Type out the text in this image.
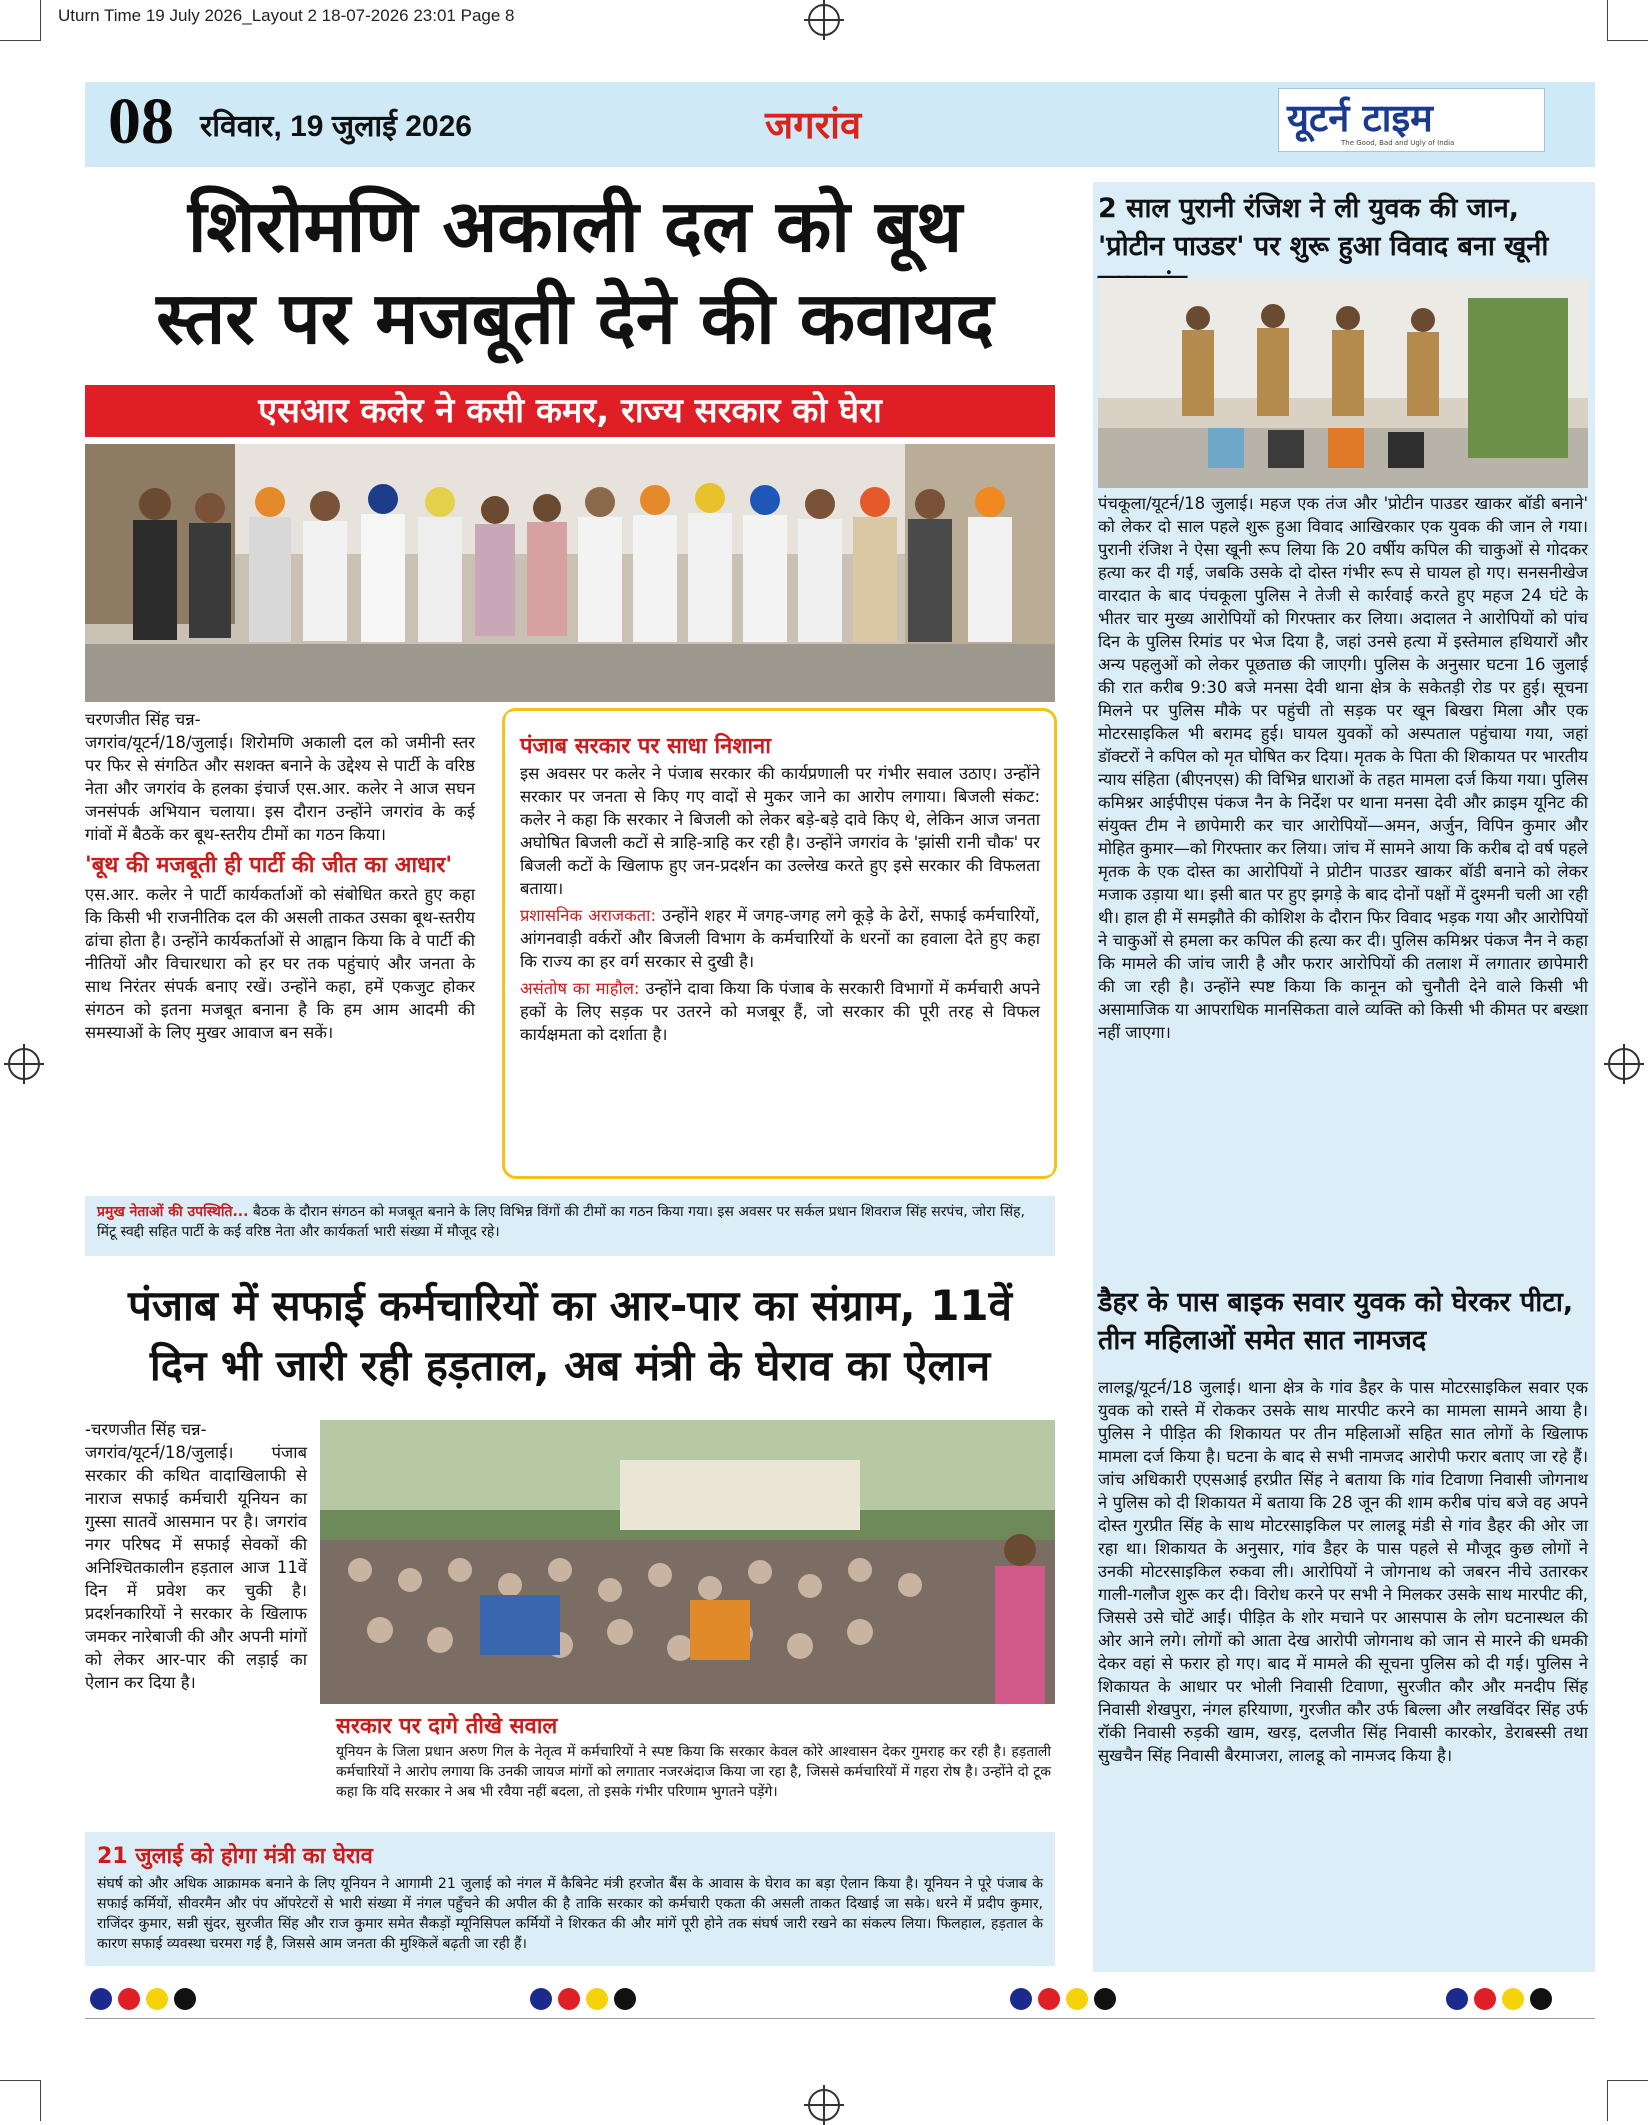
Uturn Time 19 July 2026_Layout 2 18-07-2026 23:01 Page 8
08 रविवार, 19 जुलाई 2026	जगरांव	यूटर्न टाइम
The Good, Bad and Ugly of India
शिरोमणि अकाली दल को बूथ
स्तर पर मजबूती देने की कवायद
एसआर कलेर ने कसी कमर, राज्य सरकार को घेरा
चरणजीत सिंह चन्न-
जगरांव/यूटर्न/18/जुलाई। शिरोमणि अकाली दल को जमीनी स्तर पर फिर से संगठित और सशक्त बनाने के उद्देश्य से पार्टी के वरिष्ठ नेता और जगरांव के हलका इंचार्ज एस.आर. कलेर ने आज सघन जनसंपर्क अभियान चलाया। इस दौरान उन्होंने जगरांव के कई गांवों में बैठकें कर बूथ-स्तरीय टीमों का गठन किया।
'बूथ की मजबूती ही पार्टी की जीत का आधार'
एस.आर. कलेर ने पार्टी कार्यकर्ताओं को संबोधित करते हुए कहा कि किसी भी राजनीतिक दल की असली ताकत उसका बूथ-स्तरीय ढांचा होता है। उन्होंने कार्यकर्ताओं से आह्वान किया कि वे पार्टी की नीतियों और विचारधारा को हर घर तक पहुंचाएं और जनता के साथ निरंतर संपर्क बनाए रखें। उन्होंने कहा, हमें एकजुट होकर संगठन को इतना मजबूत बनाना है कि हम आम आदमी की समस्याओं के लिए मुखर आवाज बन सकें।
पंजाब सरकार पर साधा निशाना
इस अवसर पर कलेर ने पंजाब सरकार की कार्यप्रणाली पर गंभीर सवाल उठाए। उन्होंने सरकार पर जनता से किए गए वादों से मुकर जाने का आरोप लगाया। बिजली संकट: कलेर ने कहा कि सरकार ने बिजली को लेकर बड़े-बड़े दावे किए थे, लेकिन आज जनता अघोषित बिजली कटों से त्राहि-त्राहि कर रही है। उन्होंने जगरांव के 'झांसी रानी चौक' पर बिजली कटों के खिलाफ हुए जन-प्रदर्शन का उल्लेख करते हुए इसे सरकार की विफलता बताया।
प्रशासनिक अराजकता: उन्होंने शहर में जगह-जगह लगे कूड़े के ढेरों, सफाई कर्मचारियों, आंगनवाड़ी वर्करों और बिजली विभाग के कर्मचारियों के धरनों का हवाला देते हुए कहा कि राज्य का हर वर्ग सरकार से दुखी है।
असंतोष का माहौल: उन्होंने दावा किया कि पंजाब के सरकारी विभागों में कर्मचारी अपने हकों के लिए सड़क पर उतरने को मजबूर हैं, जो सरकार की पूरी तरह से विफल कार्यक्षमता को दर्शाता है।
प्रमुख नेताओं की उपस्थिति... बैठक के दौरान संगठन को मजबूत बनाने के लिए विभिन्न विंगों की टीमों का गठन किया गया। इस अवसर पर सर्कल प्रधान शिवराज सिंह सरपंच, जोरा सिंह, मिंटू स्वद्दी सहित पार्टी के कई वरिष्ठ नेता और कार्यकर्ता भारी संख्या में मौजूद रहे।
पंजाब में सफाई कर्मचारियों का आर-पार का संग्राम, 11वें
दिन भी जारी रही हड़ताल, अब मंत्री के घेराव का ऐलान
-चरणजीत सिंह चन्न-
जगरांव/यूटर्न/18/जुलाई। पंजाब सरकार की कथित वादाखिलाफी से नाराज सफाई कर्मचारी यूनियन का गुस्सा सातवें आसमान पर है। जगरांव नगर परिषद में सफाई सेवकों की अनिश्चितकालीन हड़ताल आज 11वें दिन में प्रवेश कर चुकी है। प्रदर्शनकारियों ने सरकार के खिलाफ जमकर नारेबाजी की और अपनी मांगों को लेकर आर-पार की लड़ाई का ऐलान कर दिया है।
सरकार पर दागे तीखे सवाल
यूनियन के जिला प्रधान अरुण गिल के नेतृत्व में कर्मचारियों ने स्पष्ट किया कि सरकार केवल कोरे आश्वासन देकर गुमराह कर रही है। हड़ताली कर्मचारियों ने आरोप लगाया कि उनकी जायज मांगों को लगातार नजरअंदाज किया जा रहा है, जिससे कर्मचारियों में गहरा रोष है। उन्होंने दो टूक कहा कि यदि सरकार ने अब भी रवैया नहीं बदला, तो इसके गंभीर परिणाम भुगतने पड़ेंगे।
21 जुलाई को होगा मंत्री का घेराव
संघर्ष को और अधिक आक्रामक बनाने के लिए यूनियन ने आगामी 21 जुलाई को नंगल में कैबिनेट मंत्री हरजोत बैंस के आवास के घेराव का बड़ा ऐलान किया है। यूनियन ने पूरे पंजाब के सफाई कर्मियों, सीवरमैन और पंप ऑपरेटरों से भारी संख्या में नंगल पहुँचने की अपील की है ताकि सरकार को कर्मचारी एकता की असली ताकत दिखाई जा सके। धरने में प्रदीप कुमार, राजिंदर कुमार, सन्नी सुंदर, सुरजीत सिंह और राज कुमार समेत सैकड़ों म्यूनिसिपल कर्मियों ने शिरकत की और मांगें पूरी होने तक संघर्ष जारी रखने का संकल्प लिया। फिलहाल, हड़ताल के कारण सफाई व्यवस्था चरमरा गई है, जिससे आम जनता की मुश्किलें बढ़ती जा रही हैं।
2 साल पुरानी रंजिश ने ली युवक की जान, 'प्रोटीन पाउडर' पर शुरू हुआ विवाद बना खूनी
पंचकूला/यूटर्न/18 जुलाई। महज एक तंज और 'प्रोटीन पाउडर खाकर बॉडी बनाने' को लेकर दो साल पहले शुरू हुआ विवाद आखिरकार एक युवक की जान ले गया। पुरानी रंजिश ने ऐसा खूनी रूप लिया कि 20 वर्षीय कपिल की चाकुओं से गोदकर हत्या कर दी गई, जबकि उसके दो दोस्त गंभीर रूप से घायल हो गए। सनसनीखेज वारदात के बाद पंचकूला पुलिस ने तेजी से कार्रवाई करते हुए महज 24 घंटे के भीतर चार मुख्य आरोपियों को गिरफ्तार कर लिया। अदालत ने आरोपियों को पांच दिन के पुलिस रिमांड पर भेज दिया है, जहां उनसे हत्या में इस्तेमाल हथियारों और अन्य पहलुओं को लेकर पूछताछ की जाएगी। पुलिस के अनुसार घटना 16 जुलाई की रात करीब 9:30 बजे मनसा देवी थाना क्षेत्र के सकेतड़ी रोड पर हुई। सूचना मिलने पर पुलिस मौके पर पहुंची तो सड़क पर खून बिखरा मिला और एक मोटरसाइकिल भी बरामद हुई। घायल युवकों को अस्पताल पहुंचाया गया, जहां डॉक्टरों ने कपिल को मृत घोषित कर दिया। मृतक के पिता की शिकायत पर भारतीय न्याय संहिता (बीएनएस) की विभिन्न धाराओं के तहत मामला दर्ज किया गया। पुलिस कमिश्नर आईपीएस पंकज नैन के निर्देश पर थाना मनसा देवी और क्राइम यूनिट की संयुक्त टीम ने छापेमारी कर चार आरोपियों—अमन, अर्जुन, विपिन कुमार और मोहित कुमार—को गिरफ्तार कर लिया। जांच में सामने आया कि करीब दो वर्ष पहले मृतक के एक दोस्त का आरोपियों ने प्रोटीन पाउडर खाकर बॉडी बनाने को लेकर मजाक उड़ाया था। इसी बात पर हुए झगड़े के बाद दोनों पक्षों में दुश्मनी चली आ रही थी। हाल ही में समझौते की कोशिश के दौरान फिर विवाद भड़क गया और आरोपियों ने चाकुओं से हमला कर कपिल की हत्या कर दी। पुलिस कमिश्नर पंकज नैन ने कहा कि मामले की जांच जारी है और फरार आरोपियों की तलाश में लगातार छापेमारी की जा रही है। उन्होंने स्पष्ट किया कि कानून को चुनौती देने वाले किसी भी असामाजिक या आपराधिक मानसिकता वाले व्यक्ति को किसी भी कीमत पर बख्शा नहीं जाएगा।
डैहर के पास बाइक सवार युवक को घेरकर पीटा, तीन महिलाओं समेत सात नामजद
लालडू/यूटर्न/18 जुलाई। थाना क्षेत्र के गांव डैहर के पास मोटरसाइकिल सवार एक युवक को रास्ते में रोककर उसके साथ मारपीट करने का मामला सामने आया है। पुलिस ने पीड़ित की शिकायत पर तीन महिलाओं सहित सात लोगों के खिलाफ मामला दर्ज किया है। घटना के बाद से सभी नामजद आरोपी फरार बताए जा रहे हैं। जांच अधिकारी एएसआई हरप्रीत सिंह ने बताया कि गांव टिवाणा निवासी जोगनाथ ने पुलिस को दी शिकायत में बताया कि 28 जून की शाम करीब पांच बजे वह अपने दोस्त गुरप्रीत सिंह के साथ मोटरसाइकिल पर लालडू मंडी से गांव डैहर की ओर जा रहा था। शिकायत के अनुसार, गांव डैहर के पास पहले से मौजूद कुछ लोगों ने उनकी मोटरसाइकिल रुकवा ली। आरोपियों ने जोगनाथ को जबरन नीचे उतारकर गाली-गलौज शुरू कर दी। विरोध करने पर सभी ने मिलकर उसके साथ मारपीट की, जिससे उसे चोटें आईं। पीड़ित के शोर मचाने पर आसपास के लोग घटनास्थल की ओर आने लगे। लोगों को आता देख आरोपी जोगनाथ को जान से मारने की धमकी देकर वहां से फरार हो गए। बाद में मामले की सूचना पुलिस को दी गई। पुलिस ने शिकायत के आधार पर भोली निवासी टिवाणा, सुरजीत कौर और मनदीप सिंह निवासी शेखपुरा, नंगल हरियाणा, गुरजीत कौर उर्फ बिल्ला और लखविंदर सिंह उर्फ रॉकी निवासी रुड़की खाम, खरड़, दलजीत सिंह निवासी कारकोर, डेराबस्सी तथा सुखचैन सिंह निवासी बैरमाजरा, लालडू को नामजद किया है।
